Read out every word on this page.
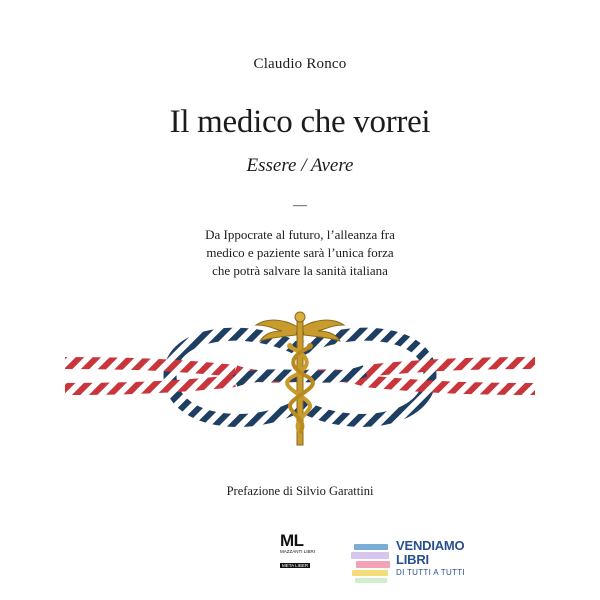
Claudio Ronco
Il medico che vorrei
Essere / Avere
—
Da Ippocrate al futuro, l’alleanza fra
medico e paziente sarà l’unica forza
che potrà salvare la sanità italiana
Prefazione di Silvio Garattini
ML
MAZZANTI LIBRI
META LIBER
VENDIAMO
LIBRI
DI TUTTI A TUTTI
